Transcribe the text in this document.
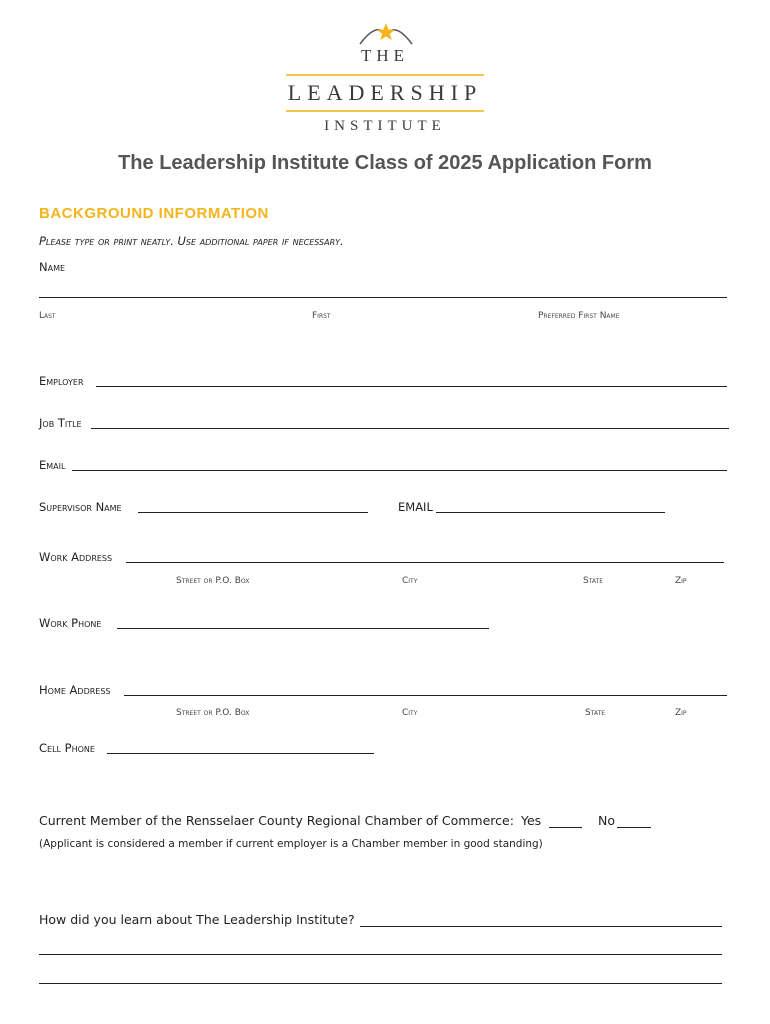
THE
LEADERSHIP
INSTITUTE
The Leadership Institute Class of 2025 Application Form
BACKGROUND INFORMATION
Please type or print neatly. Use additional paper if necessary.
Name
Last	First	Preferred First Name
Employer
Job Title
Email
Supervisor Name	EMAIL
Work Address
Street or P.O. Box	City	State	Zip
Work Phone
Home Address
Street or P.O. Box	City	State	Zip
Cell Phone
Current Member of the Rensselaer County Regional Chamber of Commerce: Yes	No
(Applicant is considered a member if current employer is a Chamber member in good standing)
How did you learn about The Leadership Institute?
